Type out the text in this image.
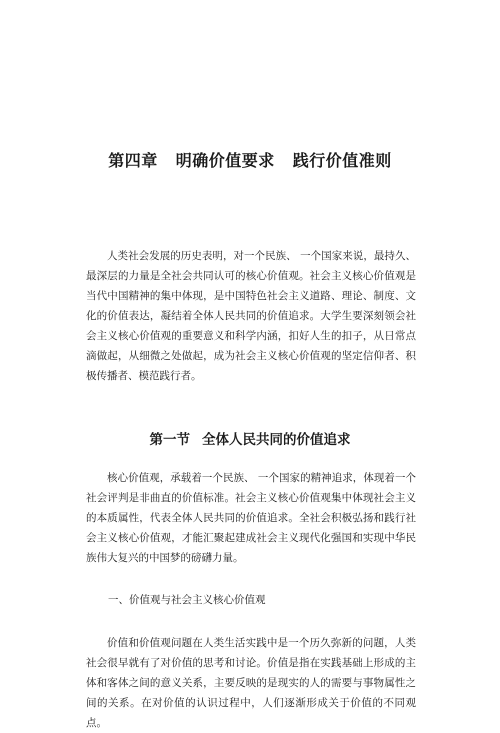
第四章 明确价值要求 践行价值准则

人类社会发展的历史表明，对一个民族、 一个国家来说，最持久、最深层的力量是全社会共同认可的核心价值观。社会主义核心价值观是当代中国精神的集中体现，是中国特色社会主义道路、理论、制度、文化的价值表达，凝结着全体人民共同的价值追求。大学生要深刻领会社会主义核心价值观的重要意义和科学内涵，扣好人生的扣子，从日常点滴做起，从细微之处做起，成为社会主义核心价值观的坚定信仰者、积极传播者、模范践行者。

第一节 全体人民共同的价值追求

核心价值观，承载着一个民族、 一个国家的精神追求，体现着一个社会评判是非曲直的价值标准。社会主义核心价值观集中体现社会主义的本质属性，代表全体人民共同的价值追求。全社会积极弘扬和践行社会主义核心价值观，才能汇聚起建成社会主义现代化强国和实现中华民族伟大复兴的中国梦的磅礴力量。

一、价值观与社会主义核心价值观

价值和价值观问题在人类生活实践中是一个历久弥新的问题，人类社会很早就有了对价值的思考和讨论。价值是指在实践基础上形成的主体和客体之间的意义关系，主要反映的是现实的人的需要与事物属性之间的关系。在对价值的认识过程中，人们逐渐形成关于价值的不同观点。
